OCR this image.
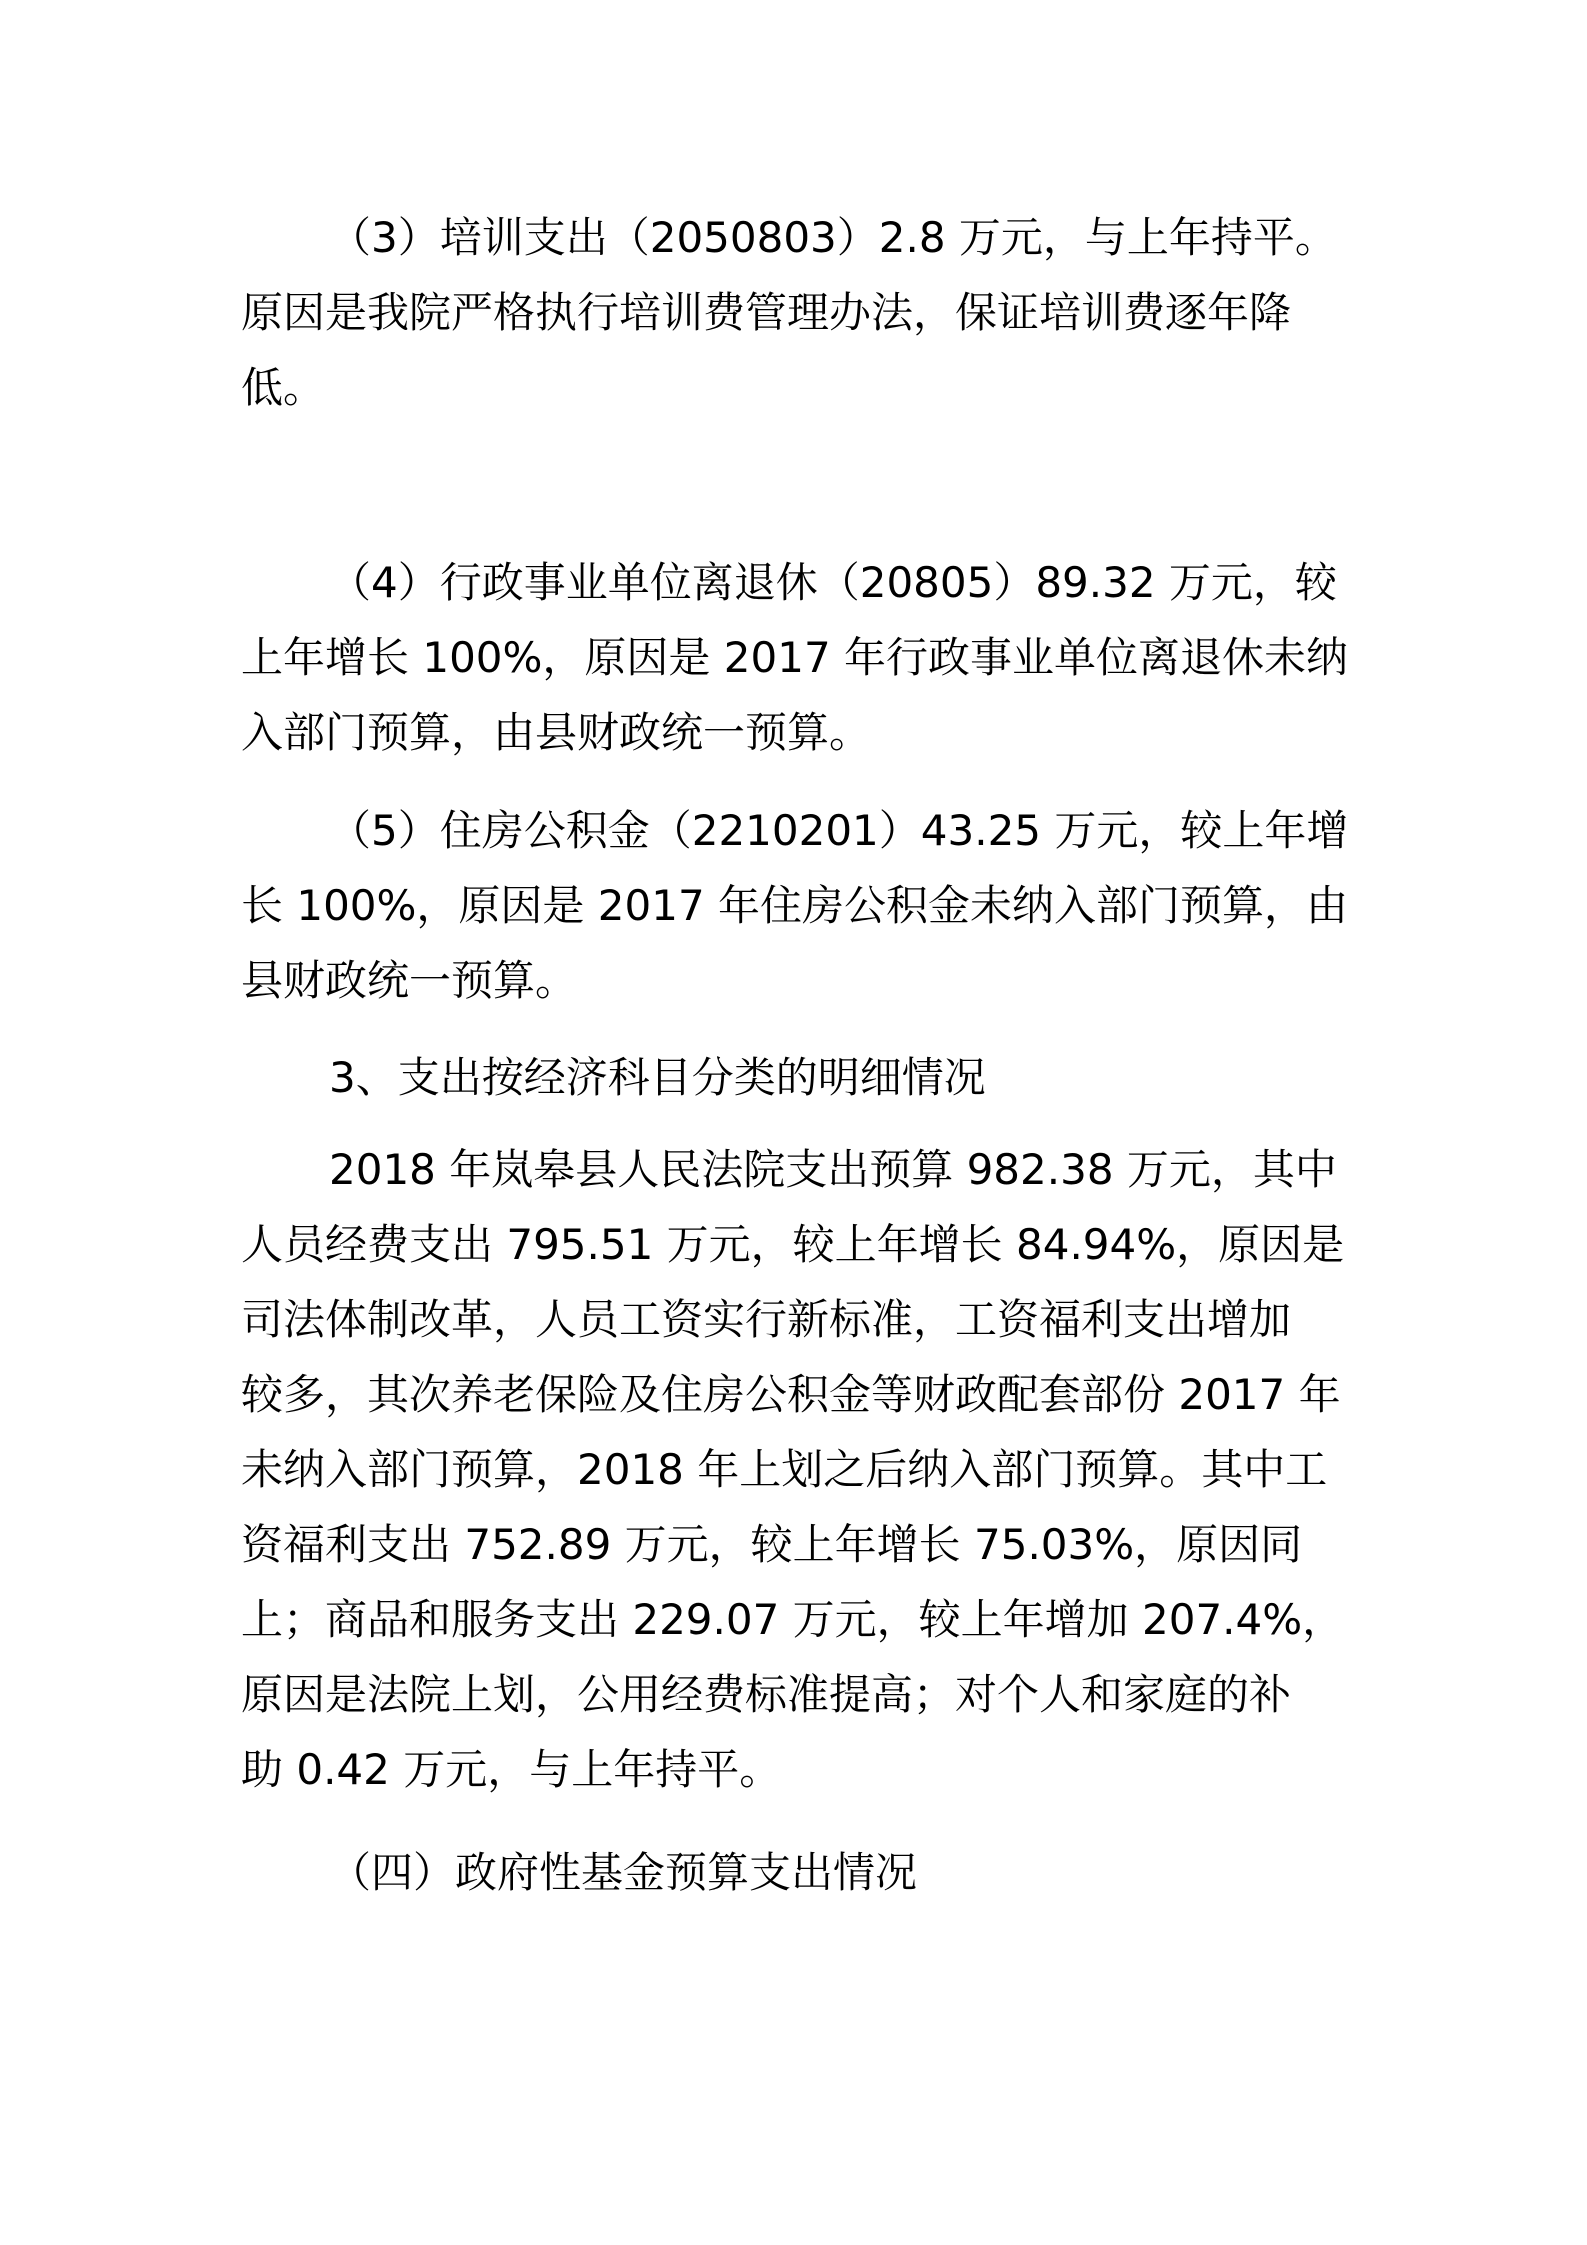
（3）培训支出（2050803）2.8 万元，与上年持平。
原因是我院严格执行培训费管理办法，保证培训费逐年降
低。
（4）行政事业单位离退休（20805）89.32 万元，较
上年增长 100%，原因是 2017 年行政事业单位离退休未纳
入部门预算，由县财政统一预算。
（5）住房公积金（2210201）43.25 万元，较上年增
长 100%，原因是 2017 年住房公积金未纳入部门预算，由
县财政统一预算。
3、支出按经济科目分类的明细情况
2018 年岚皋县人民法院支出预算 982.38 万元，其中
人员经费支出 795.51 万元，较上年增长 84.94%，原因是
司法体制改革，人员工资实行新标准，工资福利支出增加
较多，其次养老保险及住房公积金等财政配套部份 2017 年
未纳入部门预算，2018 年上划之后纳入部门预算。其中工
资福利支出 752.89 万元，较上年增长 75.03%，原因同
上；商品和服务支出 229.07 万元，较上年增加 207.4%，
原因是法院上划，公用经费标准提高；对个人和家庭的补
助 0.42 万元，与上年持平。
（四）政府性基金预算支出情况
